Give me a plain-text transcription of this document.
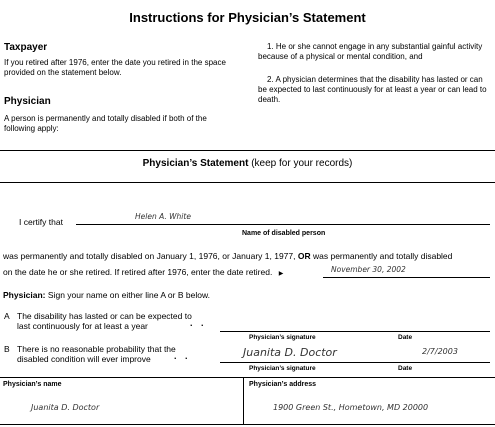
Instructions for Physician’s Statement
Taxpayer
If you retired after 1976, enter the date you retired in the space provided on the statement below.
Physician
A person is permanently and totally disabled if both of the following apply:
1. He or she cannot engage in any substantial gainful activity because of a physical or mental condition, and
2. A physician determines that the disability has lasted or can be expected to last continuously for at least a year or can lead to death.
Physician’s Statement (keep for your records)
I certify that
Helen A. White
Name of disabled person
was permanently and totally disabled on January 1, 1976, or January 1, 1977, OR was permanently and totally disabled
on the date he or she retired. If retired after 1976, enter the date retired. ▶	November 30, 2002
Physician: Sign your name on either line A or B below.
A The disability has lasted or can be expected to last continuously for at least a year	. .
Physician’s signature	Date
B There is no reasonable probability that the disabled condition will ever improve	. .	Juanita D. Doctor	2/7/2003
Physician’s signature	Date
Physician’s name
Juanita D. Doctor
Physician’s address
1900 Green St., Hometown, MD 20000
